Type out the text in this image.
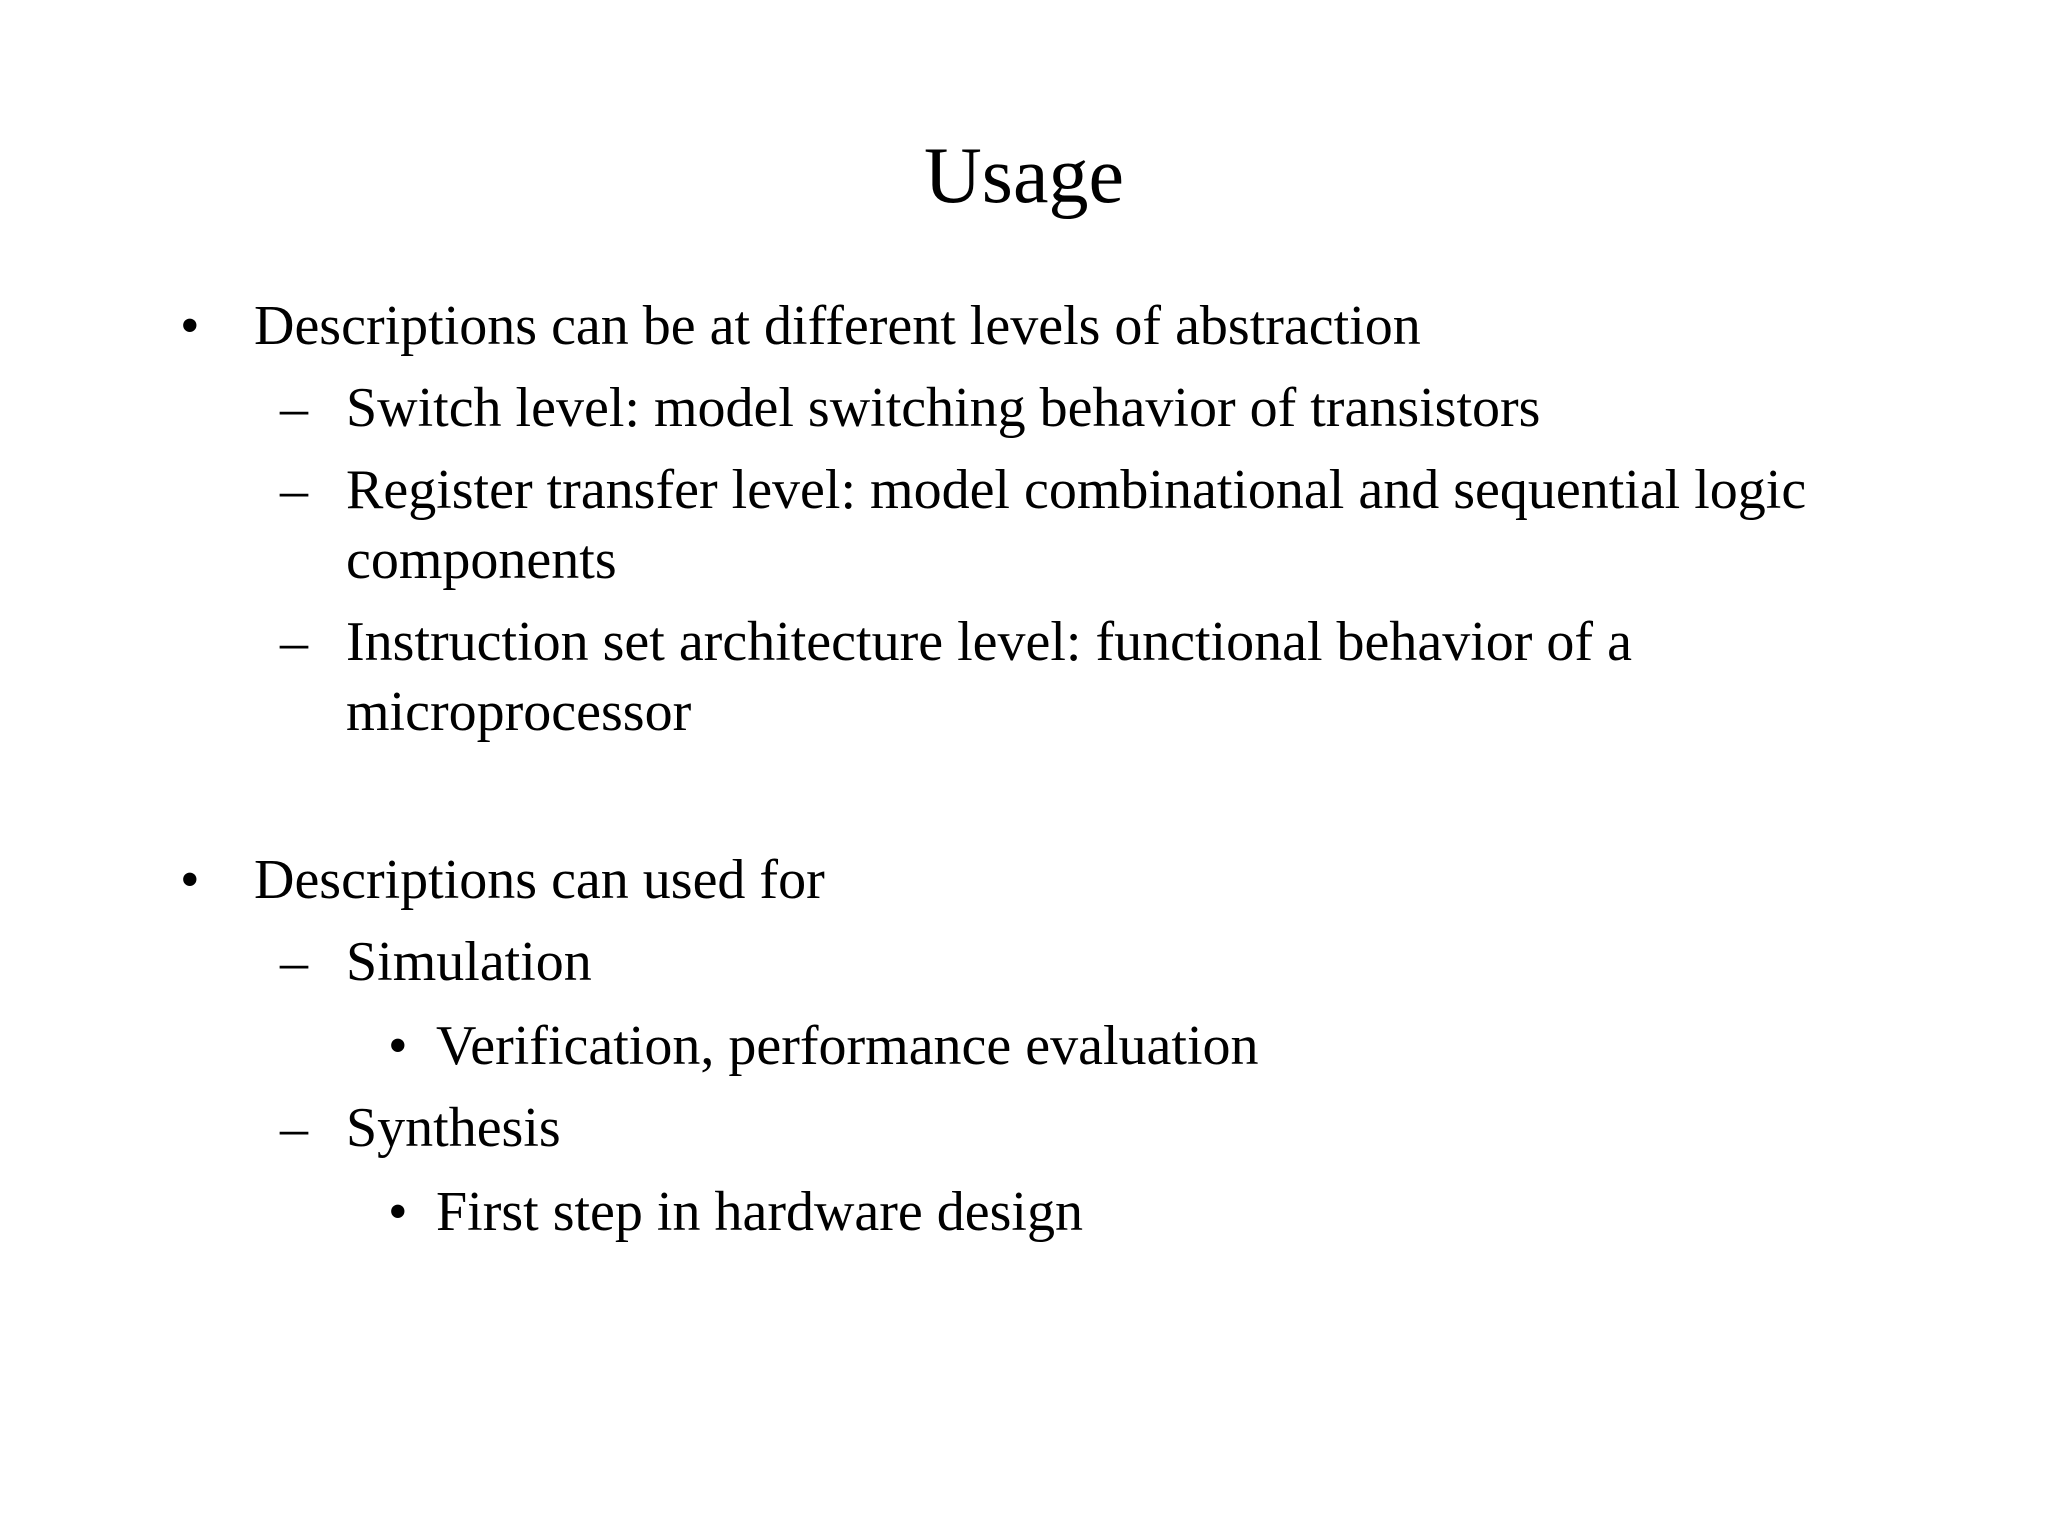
Usage
• Descriptions can be at different levels of abstraction
– Switch level: model switching behavior of transistors
– Register transfer level: model combinational and sequential logic
components
– Instruction set architecture level: functional behavior of a
microprocessor
• Descriptions can used for
– Simulation
• Verification, performance evaluation
– Synthesis
• First step in hardware design
